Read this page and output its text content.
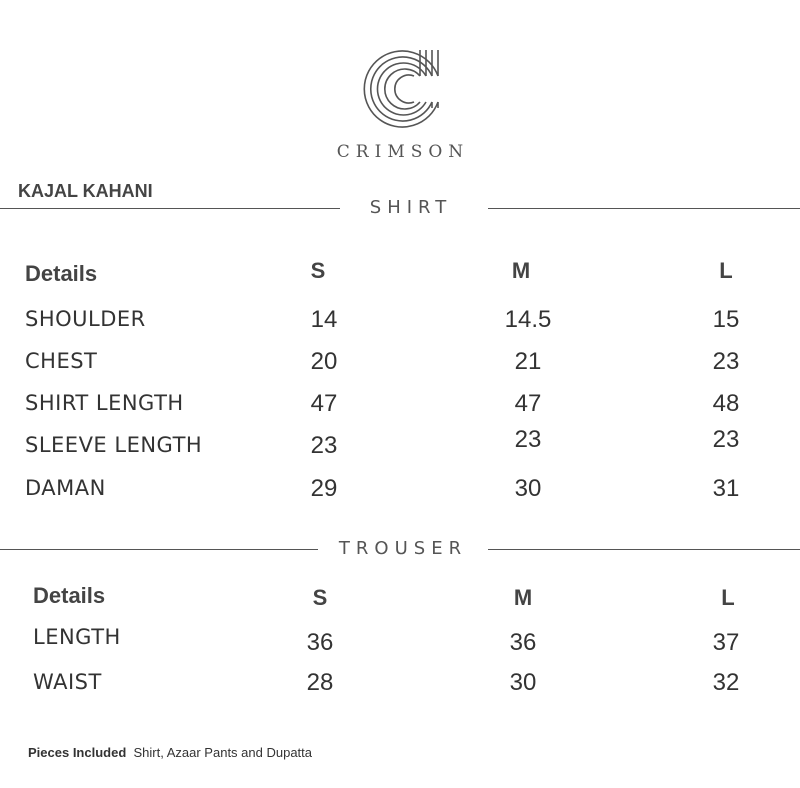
CRIMSON
KAJAL KAHANI
SHIRT
Details	S	M	L
SHOULDER	14	14.5	15
CHEST	20	21	23
SHIRT LENGTH	47	47	48
SLEEVE LENGTH	23	23	23
DAMAN	29	30	31
TROUSER
Details	S	M	L
LENGTH	36	36	37
WAIST	28	30	32
Pieces Included Shirt, Azaar Pants and Dupatta
